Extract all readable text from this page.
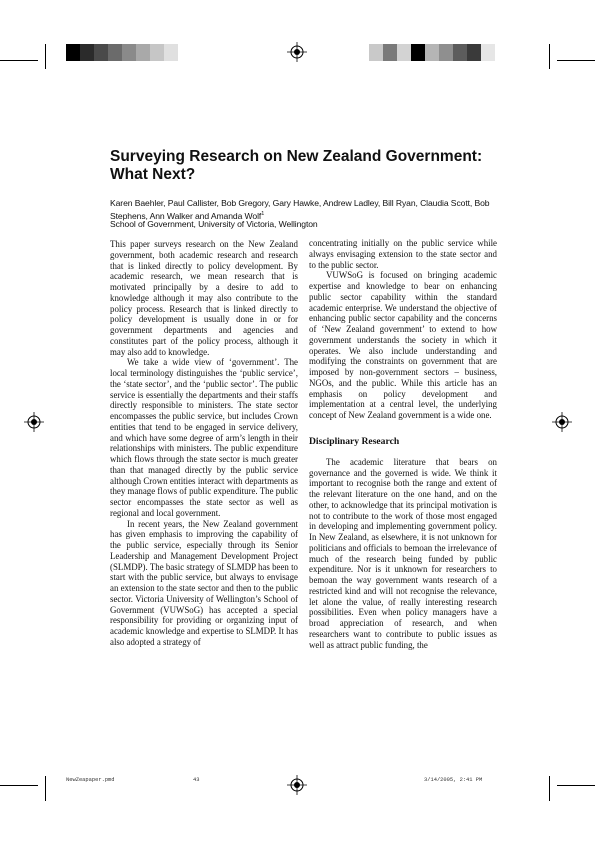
Surveying Research on New Zealand Government: What Next?
Karen Baehler, Paul Callister, Bob Gregory, Gary Hawke, Andrew Ladley, Bill Ryan, Claudia Scott, Bob Stephens, Ann Walker and Amanda Wolf$^1$
School of Government, University of Victoria, Wellington

This paper surveys research on the New Zealand government, both academic research and research that is linked directly to policy development. By academic research, we mean research that is motivated principally by a desire to add to knowledge although it may also contribute to the policy process. Research that is linked directly to policy development is usually done in or for government departments and agencies and constitutes part of the policy process, although it may also add to knowledge.

We take a wide view of ‘government’. The local terminology distinguishes the ‘public service’, the ‘state sector’, and the ‘public sector’. The public service is essentially the departments and their staffs directly responsible to ministers. The state sector encompasses the public service, but includes Crown entities that tend to be engaged in service delivery, and which have some degree of arm’s length in their relationships with ministers. The public expenditure which flows through the state sector is much greater than that managed directly by the public service although Crown entities interact with departments as they manage flows of public expenditure. The public sector encompasses the state sector as well as regional and local government.

In recent years, the New Zealand government has given emphasis to improving the capability of the public service, especially through its Senior Leadership and Management Development Project (SLMDP). The basic strategy of SLMDP has been to start with the public service, but always to envisage an extension to the state sector and then to the public sector. Victoria University of Wellington’s School of Government (VUWSoG) has accepted a special responsibility for providing or organizing input of academic knowledge and expertise to SLMDP. It has also adopted a strategy of

concentrating initially on the public service while always envisaging extension to the state sector and to the public sector.

VUWSoG is focused on bringing academic expertise and knowledge to bear on enhancing public sector capability within the standard academic enterprise. We understand the objective of enhancing public sector capability and the concerns of ‘New Zealand government’ to extend to how government understands the society in which it operates. We also include understanding and modifying the constraints on government that are imposed by non-government sectors – business, NGOs, and the public. While this article has an emphasis on policy development and implementation at a central level, the underlying concept of New Zealand government is a wide one.

Disciplinary Research

The academic literature that bears on governance and the governed is wide. We think it important to recognise both the range and extent of the relevant literature on the one hand, and on the other, to acknowledge that its principal motivation is not to contribute to the work of those most engaged in developing and implementing government policy. In New Zealand, as elsewhere, it is not unknown for politicians and officials to bemoan the irrelevance of much of the research being funded by public expenditure. Nor is it unknown for researchers to bemoan the way government wants research of a restricted kind and will not recognise the relevance, let alone the value, of really interesting research possibilities. Even when policy managers have a broad appreciation of research, and when researchers want to contribute to public issues as well as attract public funding, the

NewZeapaper.pmd	43	3/14/2005, 2:41 PM
